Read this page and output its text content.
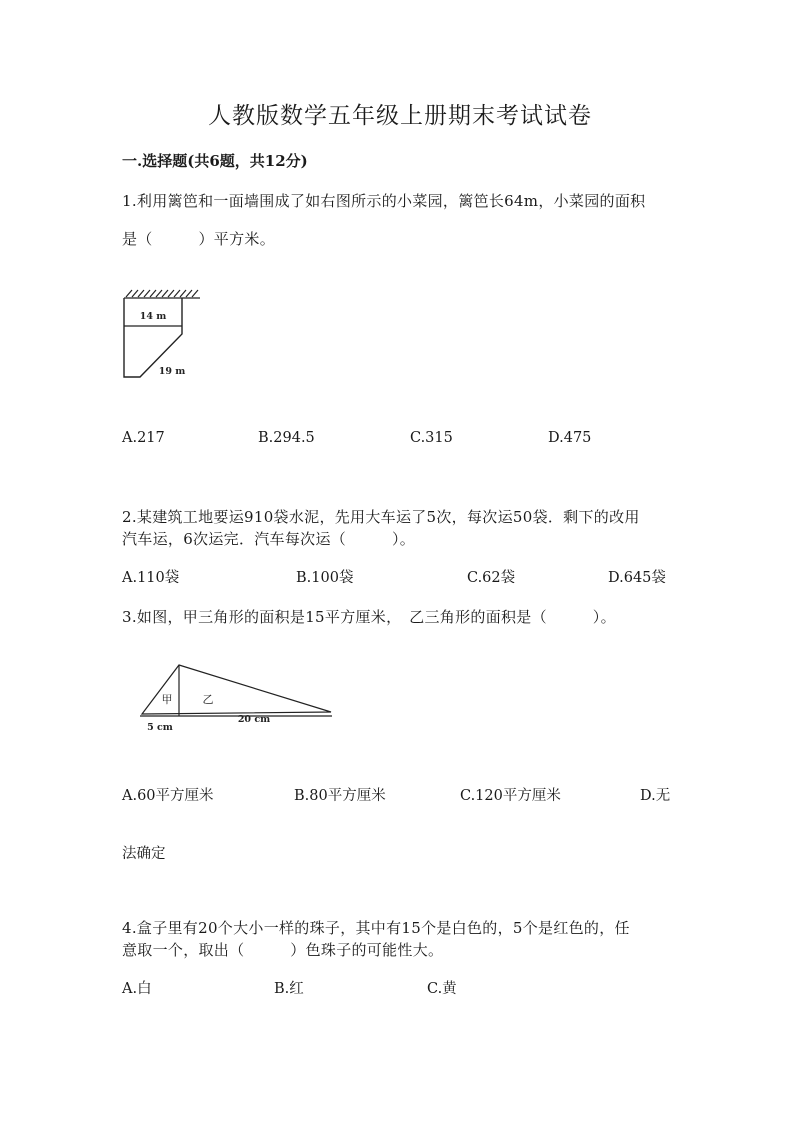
人教版数学五年级上册期末考试试卷
一.选择题(共6题，共12分)
1.利用篱笆和一面墙围成了如右图所示的小菜园，篱笆长64m，小菜园的面积
是（　　　）平方米。
14 m
19 m
A.217	B.294.5	C.315	D.475
2.某建筑工地要运910袋水泥，先用大车运了5次，每次运50袋．剩下的改用
汽车运，6次运完．汽车每次运（　　　）。
A.110袋	B.100袋	C.62袋	D.645袋
3.如图，甲三角形的面积是15平方厘米，　乙三角形的面积是（　　　）。
甲	乙
5 cm
20 cm
A.60平方厘米	B.80平方厘米	C.120平方厘米	D.无
法确定
4.盒子里有20个大小一样的珠子，其中有15个是白色的，5个是红色的，任
意取一个，取出（　　　）色珠子的可能性大。
A.白	B.红	C.黄
